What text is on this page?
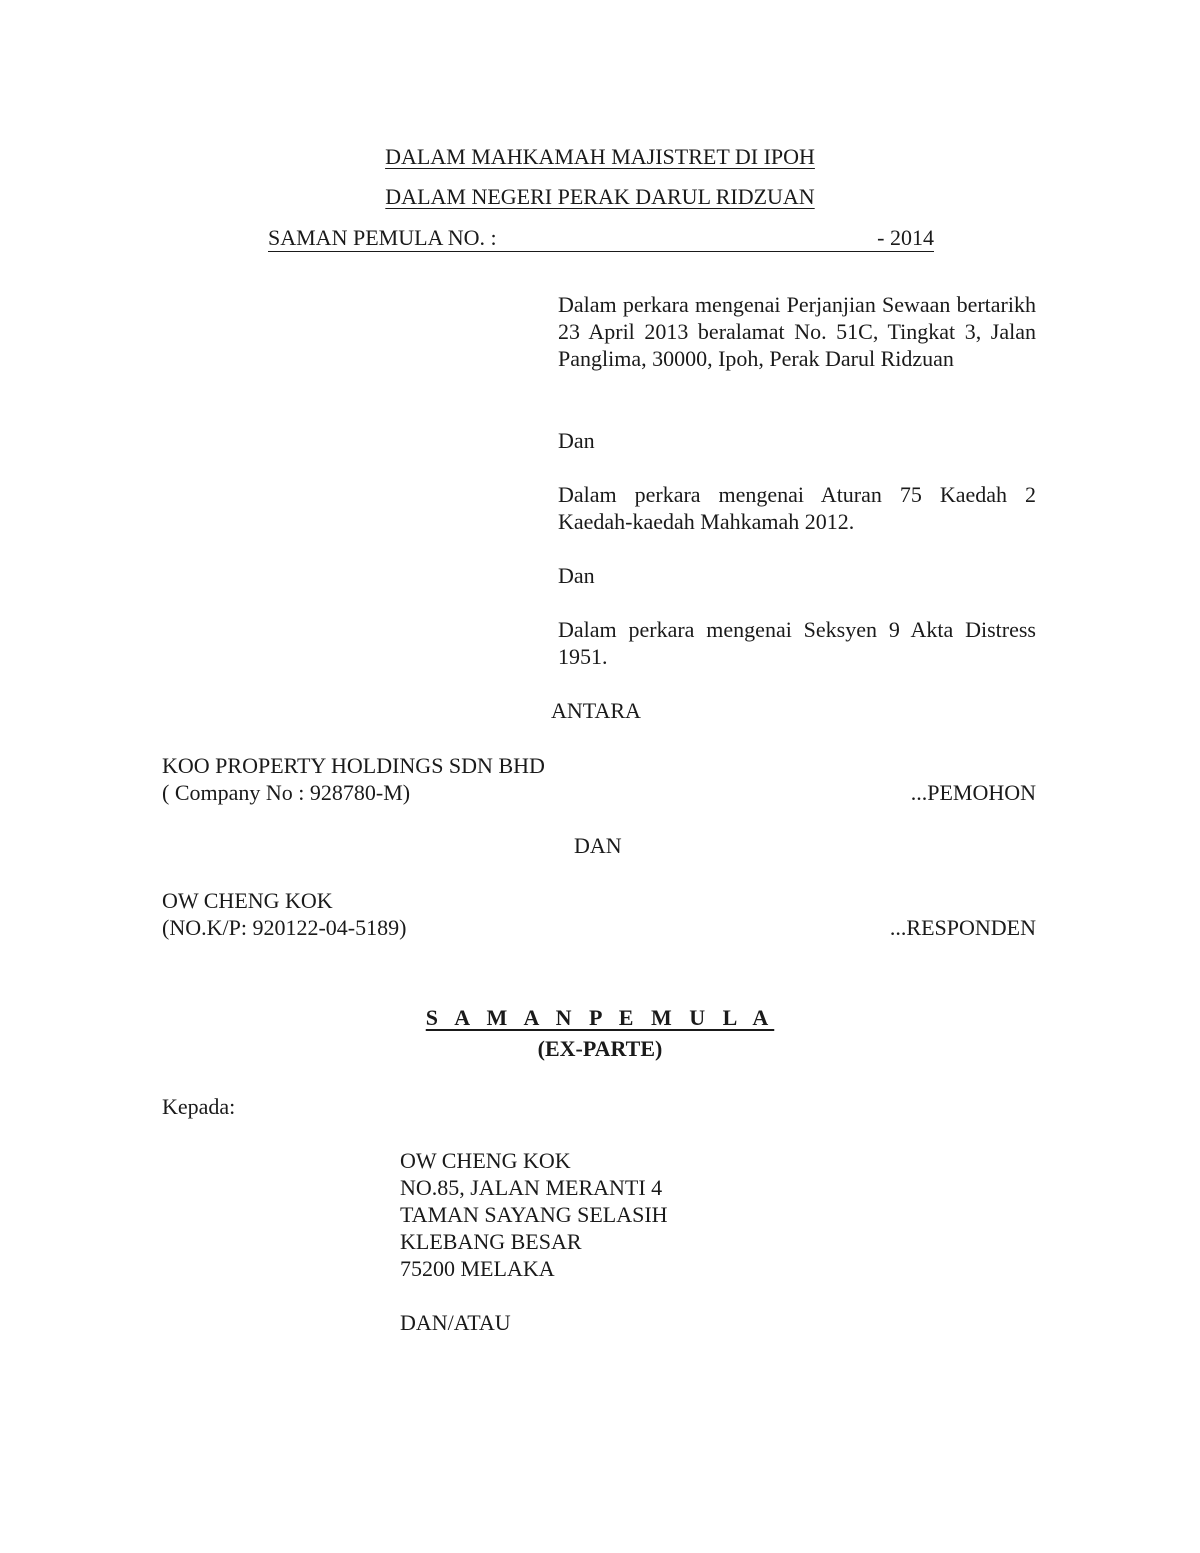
DALAM MAHKAMAH MAJISTRET DI IPOH
DALAM NEGERI PERAK DARUL RIDZUAN
SAMAN PEMULA NO. :	- 2014
Dalam perkara mengenai Perjanjian Sewaan bertarikh 23 April 2013 beralamat No. 51C, Tingkat 3, Jalan Panglima, 30000, Ipoh, Perak Darul Ridzuan
Dan
Dalam perkara mengenai Aturan 75 Kaedah 2 Kaedah-kaedah Mahkamah 2012.
Dan
Dalam perkara mengenai Seksyen 9 Akta Distress 1951.
ANTARA
KOO PROPERTY HOLDINGS SDN BHD
( Company No : 928780-M)	...PEMOHON
DAN
OW CHENG KOK
(NO.K/P: 920122-04-5189)	...RESPONDEN
S A M A N P E M U L A
(EX-PARTE)
Kepada:
OW CHENG KOK
NO.85, JALAN MERANTI 4
TAMAN SAYANG SELASIH
KLEBANG BESAR
75200 MELAKA
DAN/ATAU
